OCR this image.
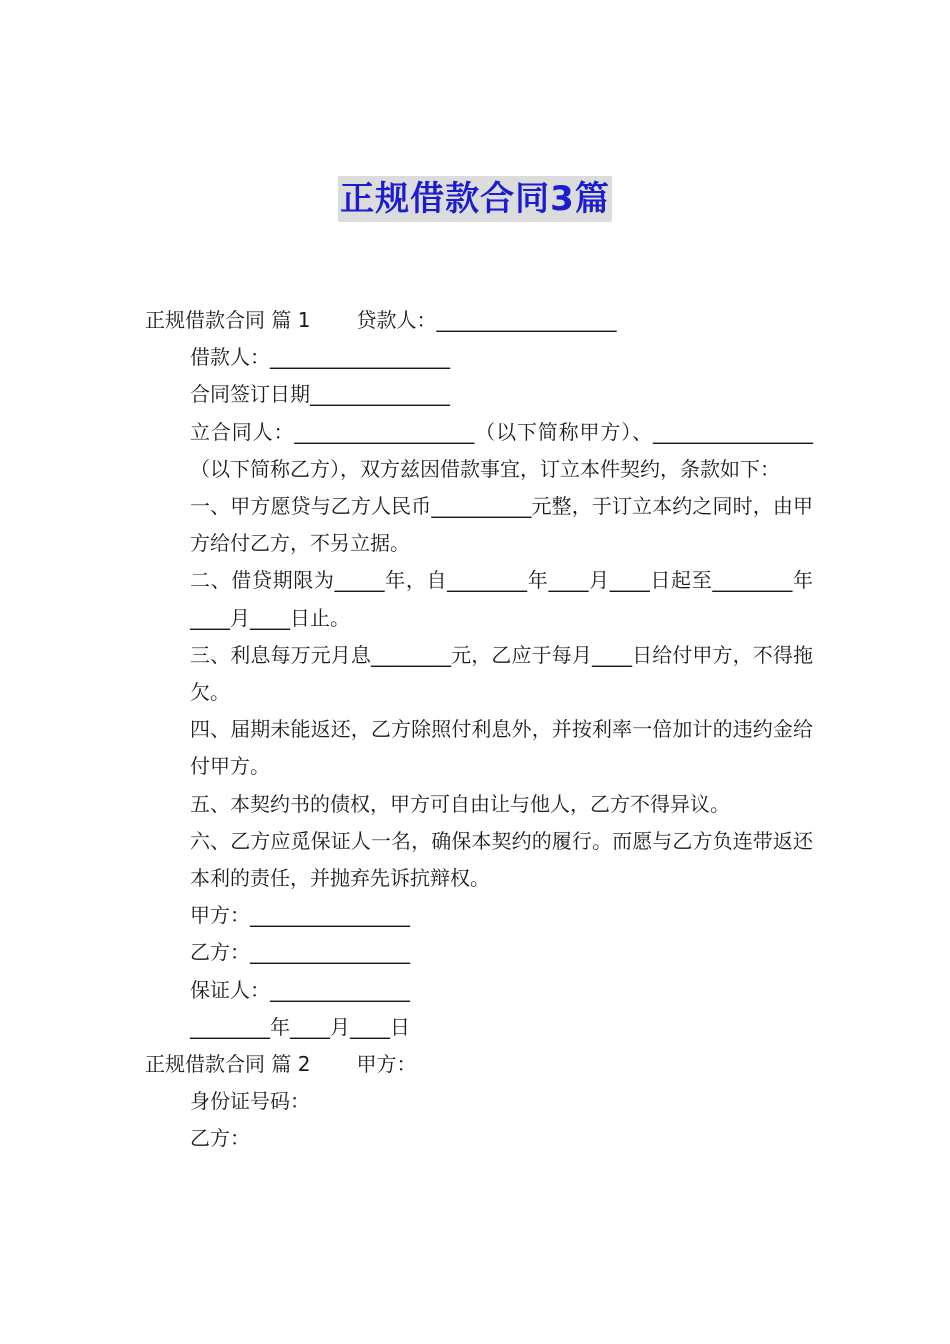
正规借款合同3篇

正规借款合同 篇 1 贷款人：__________________

借款人：__________________

合同签订日期______________

立合同人：__________________（以下简称甲方）、________________（以下简称乙方），双方兹因借款事宜，订立本件契约，条款如下：

一、甲方愿贷与乙方人民币__________元整，于订立本约之同时，由甲方给付乙方，不另立据。

二、借贷期限为_____年，自________年____月____日起至________年____月____日止。

三、利息每万元月息________元，乙应于每月____日给付甲方，不得拖欠。

四、届期未能返还，乙方除照付利息外，并按利率一倍加计的违约金给付甲方。

五、本契约书的债权，甲方可自由让与他人，乙方不得异议。

六、乙方应觅保证人一名，确保本契约的履行。而愿与乙方负连带返还本利的责任，并抛弃先诉抗辩权。

甲方：________________

乙方：________________

保证人：______________

________年____月____日

正规借款合同 篇 2 甲方：

身份证号码：

乙方：
